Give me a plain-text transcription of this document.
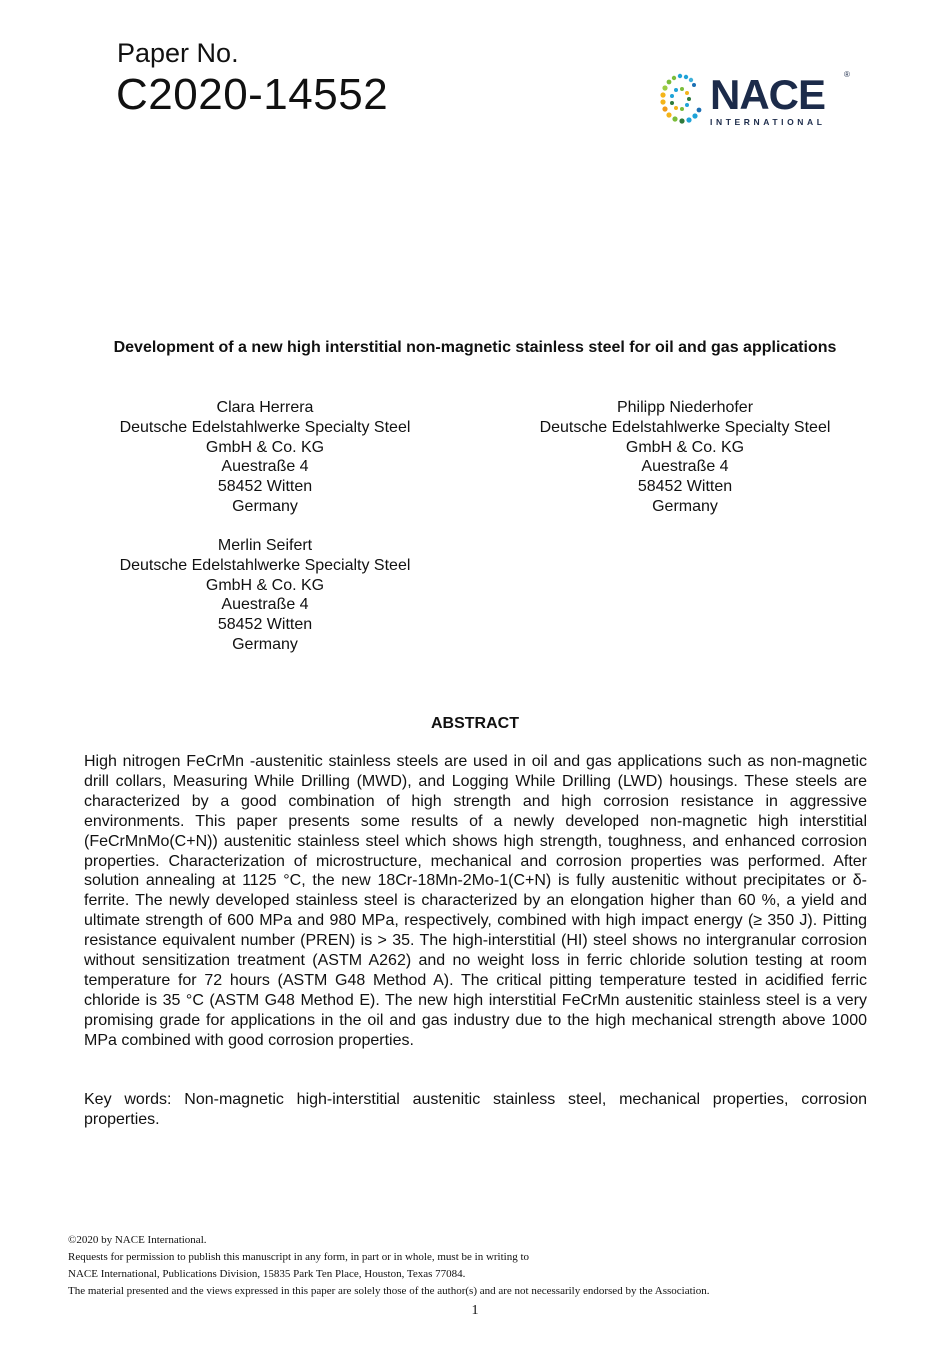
Paper No.
C2020-14552	NACE ®
INTERNATIONAL
Development of a new high interstitial non-magnetic stainless steel for oil and gas applications
Clara Herrera
Deutsche Edelstahlwerke Specialty Steel
GmbH & Co. KG
Auestraße 4
58452 Witten
Germany
Philipp Niederhofer
Deutsche Edelstahlwerke Specialty Steel
GmbH & Co. KG
Auestraße 4
58452 Witten
Germany
Merlin Seifert
Deutsche Edelstahlwerke Specialty Steel
GmbH & Co. KG
Auestraße 4
58452 Witten
Germany
ABSTRACT
High nitrogen FeCrMn -austenitic stainless steels are used in oil and gas applications such as non-magnetic drill collars, Measuring While Drilling (MWD), and Logging While Drilling (LWD) housings. These steels are characterized by a good combination of high strength and high corrosion resistance in aggressive environments. This paper presents some results of a newly developed non-magnetic high interstitial (FeCrMnMo(C+N)) austenitic stainless steel which shows high strength, toughness, and enhanced corrosion properties. Characterization of microstructure, mechanical and corrosion properties was performed. After solution annealing at 1125 °C, the new 18Cr-18Mn-2Mo-1(C+N) is fully austenitic without precipitates or δ-ferrite. The newly developed stainless steel is characterized by an elongation higher than 60 %, a yield and ultimate strength of 600 MPa and 980 MPa, respectively, combined with high impact energy (≥ 350 J). Pitting resistance equivalent number (PREN) is > 35. The high-interstitial (HI) steel shows no intergranular corrosion without sensitization treatment (ASTM A262) and no weight loss in ferric chloride solution testing at room temperature for 72 hours (ASTM G48 Method A). The critical pitting temperature tested in acidified ferric chloride is 35 °C (ASTM G48 Method E). The new high interstitial FeCrMn austenitic stainless steel is a very promising grade for applications in the oil and gas industry due to the high mechanical strength above 1000 MPa combined with good corrosion properties.
Key words: Non-magnetic high-interstitial austenitic stainless steel, mechanical properties, corrosion properties.
©2020 by NACE International.
Requests for permission to publish this manuscript in any form, in part or in whole, must be in writing to
NACE International, Publications Division, 15835 Park Ten Place, Houston, Texas 77084.
The material presented and the views expressed in this paper are solely those of the author(s) and are not necessarily endorsed by the Association.
1
